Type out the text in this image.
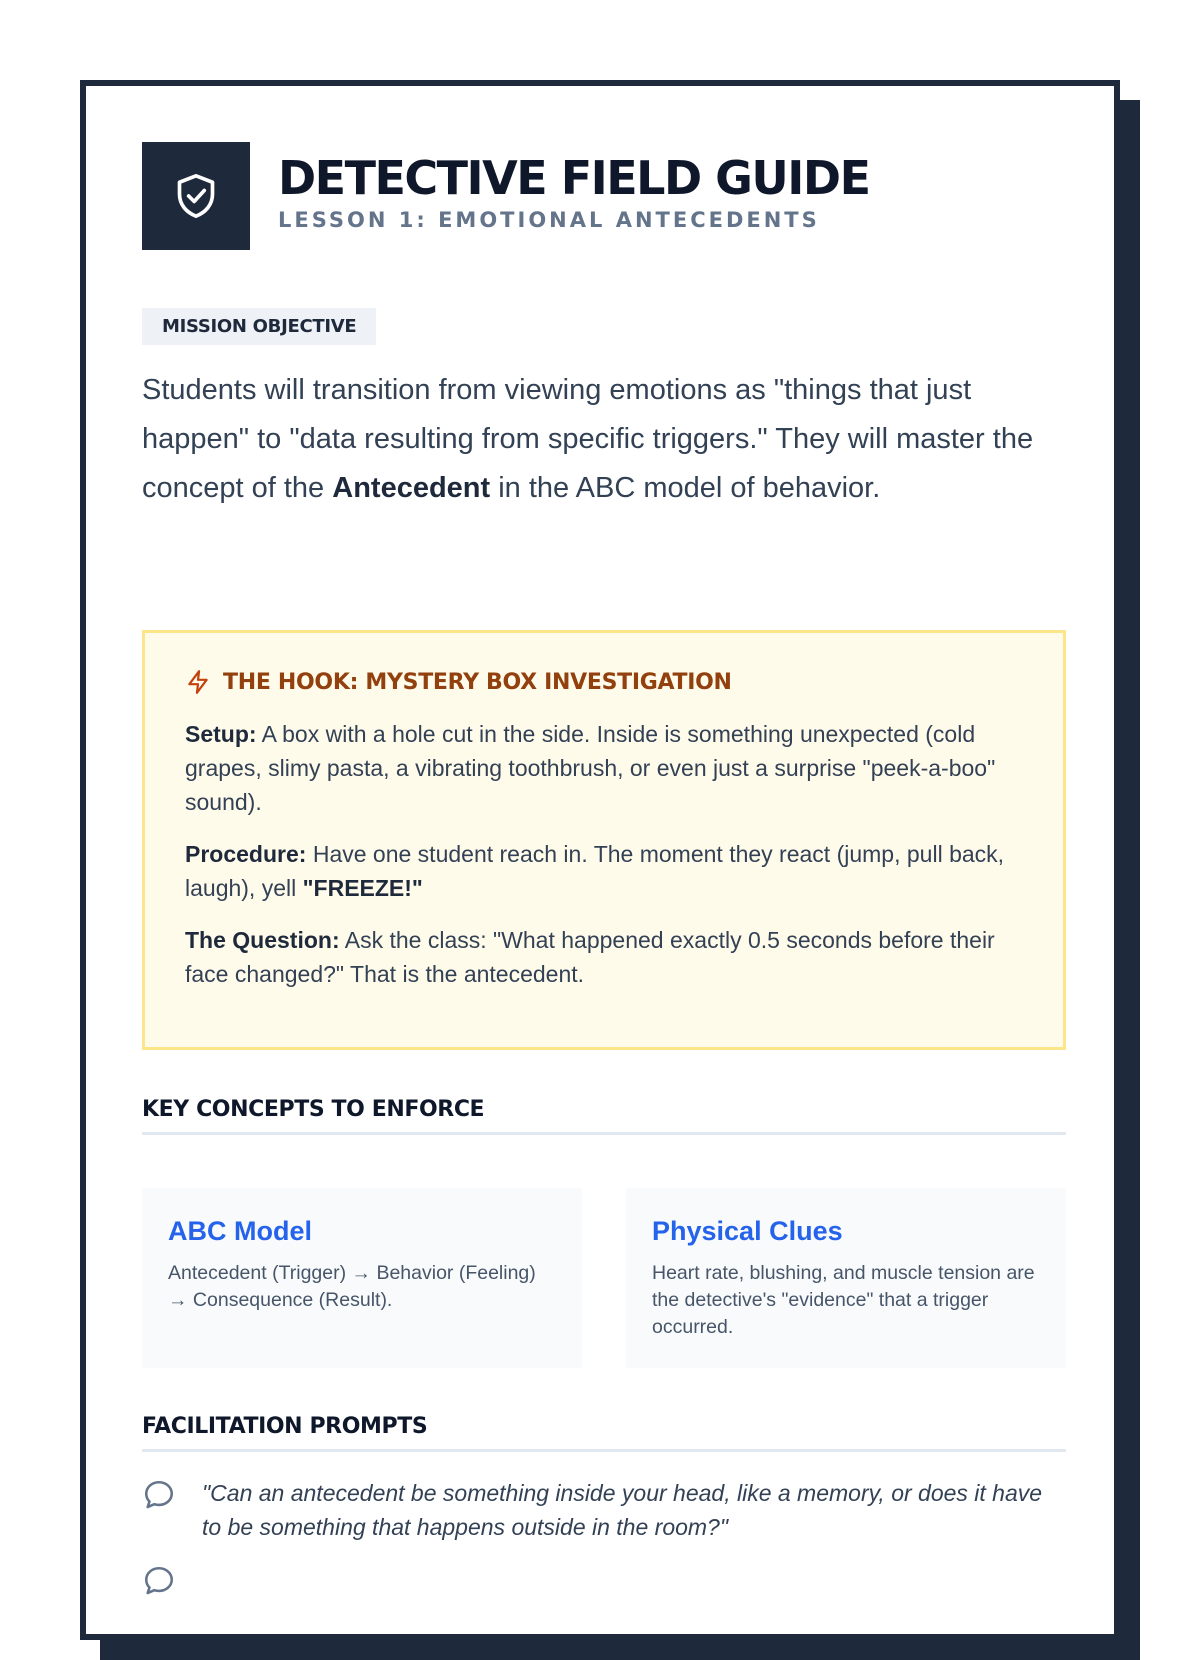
DETECTIVE FIELD GUIDE
LESSON 1: EMOTIONAL ANTECEDENTS
MISSION OBJECTIVE
Students will transition from viewing emotions as "things that just happen" to "data resulting from specific triggers." They will master the concept of the Antecedent in the ABC model of behavior.
THE HOOK: MYSTERY BOX INVESTIGATION

Setup: A box with a hole cut in the side. Inside is something unexpected (cold grapes, slimy pasta, a vibrating toothbrush, or even just a surprise "peek-a-boo" sound).

Procedure: Have one student reach in. The moment they react (jump, pull back, laugh), yell "FREEZE!"

The Question: Ask the class: "What happened exactly 0.5 seconds before their face changed?" That is the antecedent.

KEY CONCEPTS TO ENFORCE
ABC Model
Antecedent (Trigger) → Behavior (Feeling) → Consequence (Result).
Physical Clues
Heart rate, blushing, and muscle tension are the detective's "evidence" that a trigger occurred.
FACILITATION PROMPTS
"Can an antecedent be something inside your head, like a memory, or does it have to be something that happens outside in the room?"
